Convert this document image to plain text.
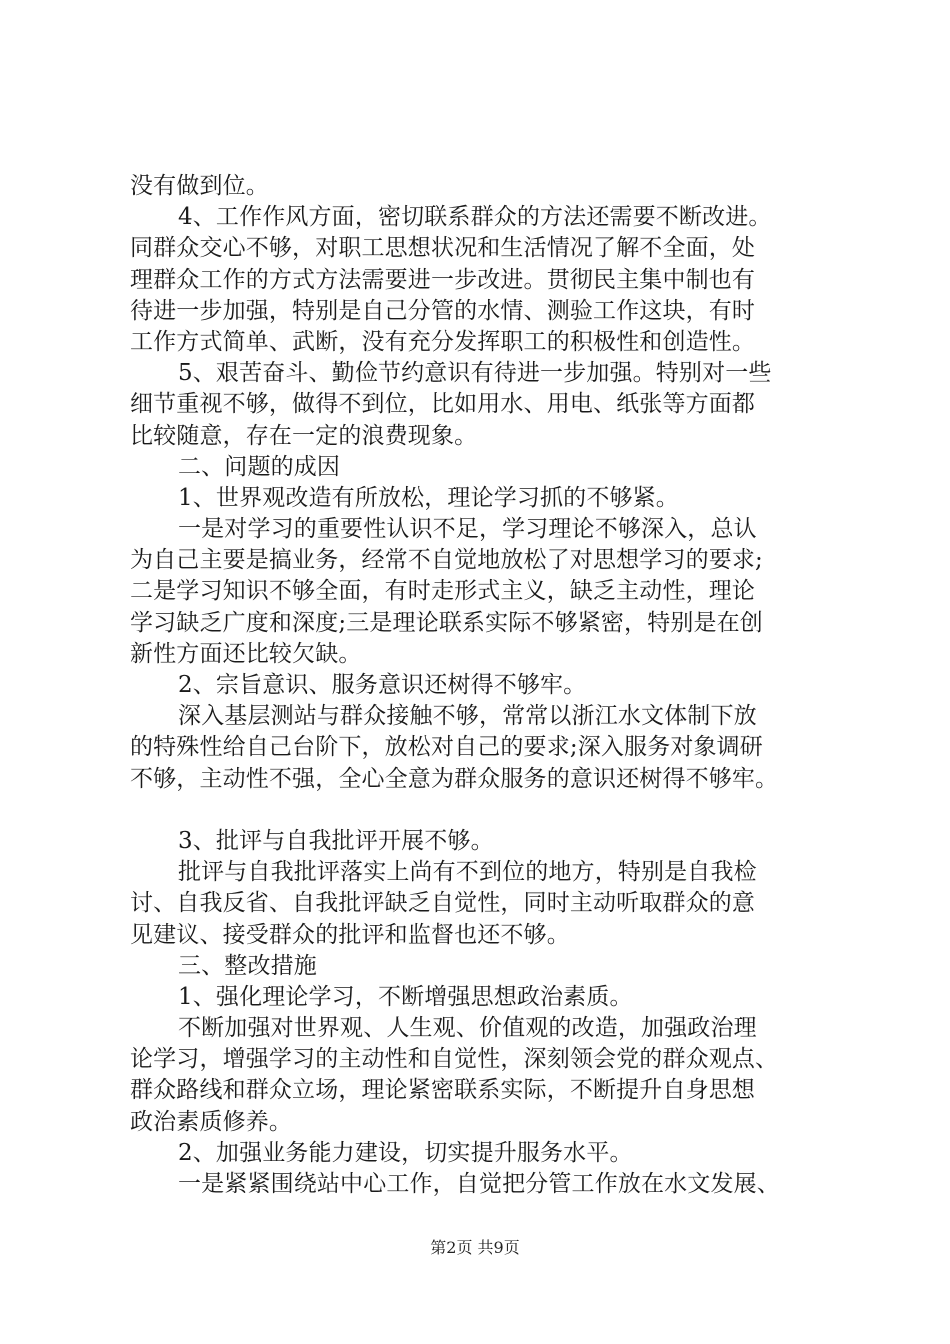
没有做到位。
4、工作作风方面，密切联系群众的方法还需要不断改进。
同群众交心不够，对职工思想状况和生活情况了解不全面，处
理群众工作的方式方法需要进一步改进。贯彻民主集中制也有
待进一步加强，特别是自己分管的水情、测验工作这块，有时
工作方式简单、武断，没有充分发挥职工的积极性和创造性。
5、艰苦奋斗、勤俭节约意识有待进一步加强。特别对一些
细节重视不够，做得不到位，比如用水、用电、纸张等方面都
比较随意，存在一定的浪费现象。
二、问题的成因
1、世界观改造有所放松，理论学习抓的不够紧。
一是对学习的重要性认识不足，学习理论不够深入，总认
为自己主要是搞业务，经常不自觉地放松了对思想学习的要求;
二是学习知识不够全面，有时走形式主义，缺乏主动性，理论
学习缺乏广度和深度;三是理论联系实际不够紧密，特别是在创
新性方面还比较欠缺。
2、宗旨意识、服务意识还树得不够牢。
深入基层测站与群众接触不够，常常以浙江水文体制下放
的特殊性给自己台阶下，放松对自己的要求;深入服务对象调研
不够，主动性不强，全心全意为群众服务的意识还树得不够牢。
3、批评与自我批评开展不够。
批评与自我批评落实上尚有不到位的地方，特别是自我检
讨、自我反省、自我批评缺乏自觉性，同时主动听取群众的意
见建议、接受群众的批评和监督也还不够。
三、整改措施
1、强化理论学习，不断增强思想政治素质。
不断加强对世界观、人生观、价值观的改造，加强政治理
论学习，增强学习的主动性和自觉性，深刻领会党的群众观点、
群众路线和群众立场，理论紧密联系实际，不断提升自身思想
政治素质修养。
2、加强业务能力建设，切实提升服务水平。
一是紧紧围绕站中心工作，自觉把分管工作放在水文发展、
第2页 共9页
